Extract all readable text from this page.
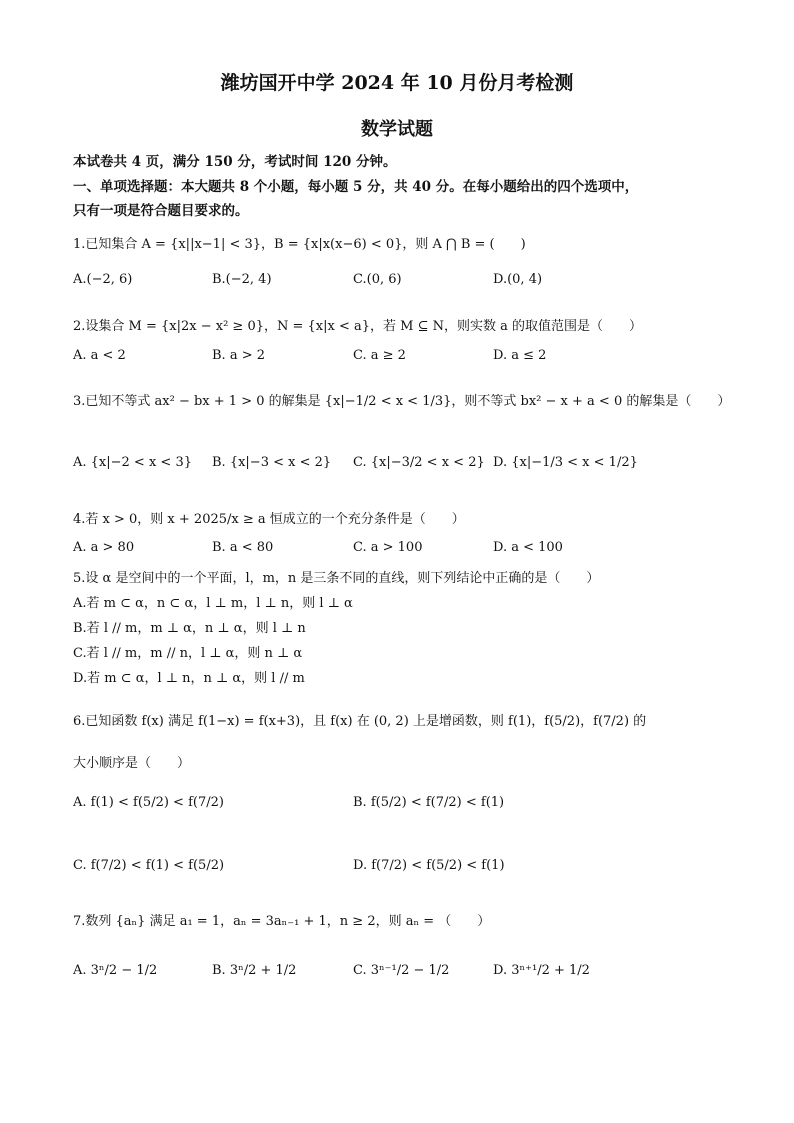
潍坊国开中学 2024 年 10 月份月考检测
数学试题
本试卷共 4 页，满分 150 分，考试时间 120 分钟。
一、单项选择题：本大题共 8 个小题，每小题 5 分，共 40 分。在每小题给出的四个选项中，
只有一项是符合题目要求的。
1.已知集合 A = {x||x−1| < 3}，B = {x|x(x−6) < 0}，则 A ⋂ B = (　　)
A.(−2, 6)	B.(−2, 4)	C.(0, 6)	D.(0, 4)
2.设集合 M = {x|2x − x² ≥ 0}，N = {x|x < a}，若 M ⊆ N，则实数 a 的取值范围是（　　）
A. a < 2	B. a > 2	C. a ≥ 2	D. a ≤ 2
3.已知不等式 ax² − bx + 1 > 0 的解集是 {x|−1/2 < x < 1/3}，则不等式 bx² − x + a < 0 的解集是（　　）
A. {x|−2 < x < 3} B. {x|−3 < x < 2} C. {x|−3/2 < x < 2} D. {x|−1/3 < x < 1/2}
4.若 x > 0，则 x + 2025/x ≥ a 恒成立的一个充分条件是（　　）
A. a > 80	B. a < 80	C. a > 100	D. a < 100
5.设 α 是空间中的一个平面，l，m，n 是三条不同的直线，则下列结论中正确的是（　　）
A.若 m ⊂ α，n ⊂ α，l ⊥ m，l ⊥ n，则 l ⊥ α
B.若 l // m，m ⊥ α，n ⊥ α，则 l ⊥ n
C.若 l // m，m // n，l ⊥ α，则 n ⊥ α
D.若 m ⊂ α，l ⊥ n，n ⊥ α，则 l // m
6.已知函数 f(x) 满足 f(1−x) = f(x+3)，且 f(x) 在 (0, 2) 上是增函数，则 f(1)，f(5/2)，f(7/2) 的
大小顺序是（　　）
A. f(1) < f(5/2) < f(7/2)	B. f(5/2) < f(7/2) < f(1)
C. f(7/2) < f(1) < f(5/2)	D. f(7/2) < f(5/2) < f(1)
7.数列 {aₙ} 满足 a₁ = 1，aₙ = 3aₙ₋₁ + 1，n ≥ 2，则 aₙ = （　　）
A. 3ⁿ/2 − 1/2	B. 3ⁿ/2 + 1/2	C. 3ⁿ⁻¹/2 − 1/2	D. 3ⁿ⁺¹/2 + 1/2
